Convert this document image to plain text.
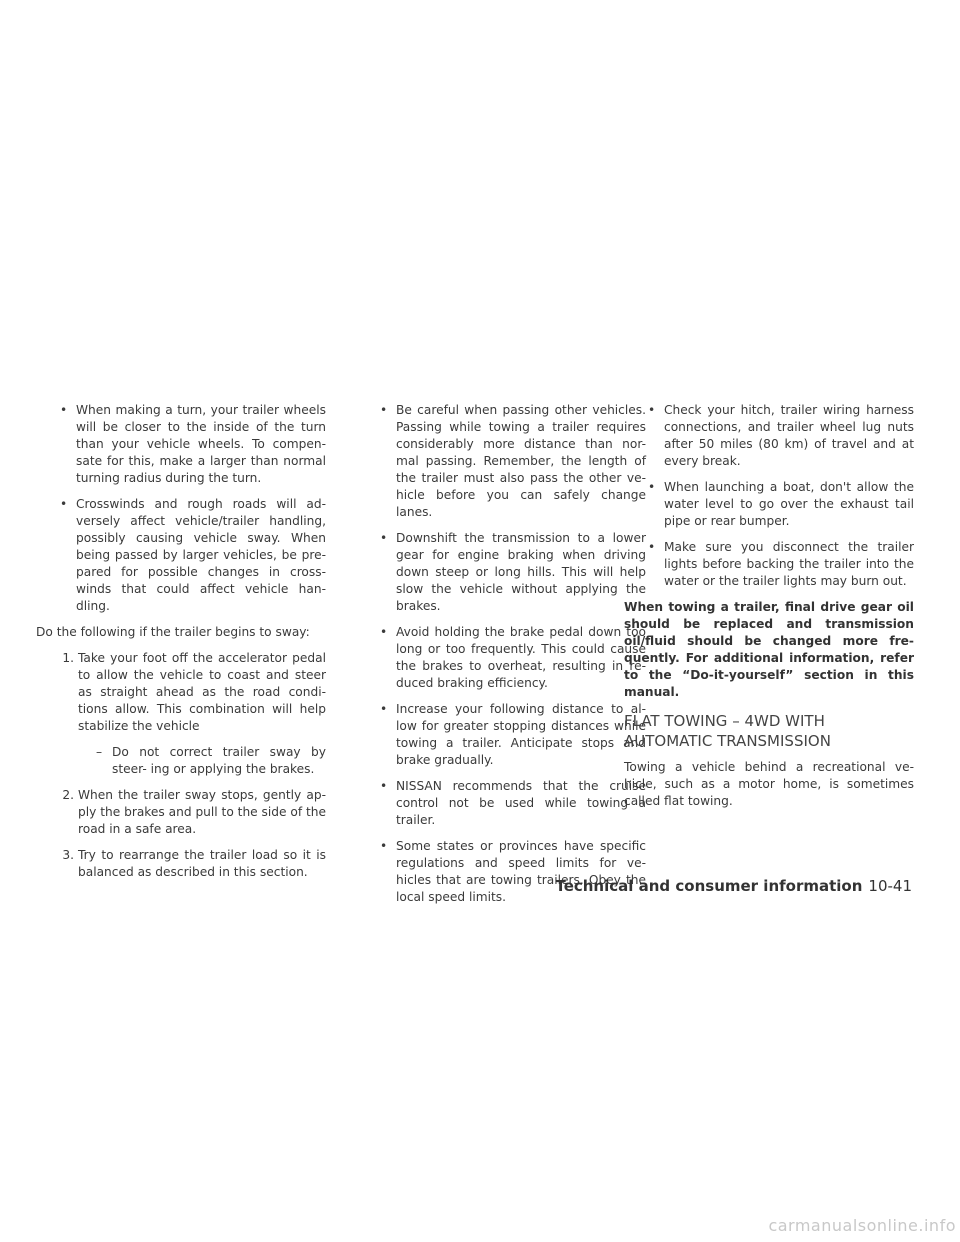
• When making a turn, your trailer wheels will be closer to the inside of the turn than your vehicle wheels. To compen- sate for this, make a larger than normal turning radius during the turn.
• Crosswinds and rough roads will ad- versely affect vehicle/trailer handling, possibly causing vehicle sway. When being passed by larger vehicles, be pre- pared for possible changes in cross- winds that could affect vehicle han- dling.

Do the following if the trailer begins to sway:

1. Take your foot off the accelerator pedal to allow the vehicle to coast and steer as straight ahead as the road condi- tions allow. This combination will help stabilize the vehicle
– Do not correct trailer sway by steer- ing or applying the brakes.
2. When the trailer sway stops, gently ap- ply the brakes and pull to the side of the road in a safe area.
3. Try to rearrange the trailer load so it is balanced as described in this section.
• Be careful when passing other vehicles. Passing while towing a trailer requires considerably more distance than nor- mal passing. Remember, the length of the trailer must also pass the other ve- hicle before you can safely change lanes.
• Downshift the transmission to a lower gear for engine braking when driving down steep or long hills. This will help slow the vehicle without applying the brakes.
• Avoid holding the brake pedal down too long or too frequently. This could cause the brakes to overheat, resulting in re- duced braking efficiency.
• Increase your following distance to al- low for greater stopping distances while towing a trailer. Anticipate stops and brake gradually.
• NISSAN recommends that the cruise control not be used while towing a trailer.
• Some states or provinces have specific regulations and speed limits for ve- hicles that are towing trailers. Obey the local speed limits.
• Check your hitch, trailer wiring harness connections, and trailer wheel lug nuts after 50 miles (80 km) of travel and at every break.
• When launching a boat, don't allow the water level to go over the exhaust tail pipe or rear bumper.
• Make sure you disconnect the trailer lights before backing the trailer into the water or the trailer lights may burn out.

When towing a trailer, final drive gear oil should be replaced and transmission oil/fluid should be changed more fre- quently. For additional information, refer to the “Do-it-yourself” section in this manual.

FLAT TOWING – 4WD WITH
AUTOMATIC TRANSMISSION

Towing a vehicle behind a recreational ve- hicle, such as a motor home, is sometimes called flat towing.

Technical and consumer information 10-41
carmanualsonline.info
